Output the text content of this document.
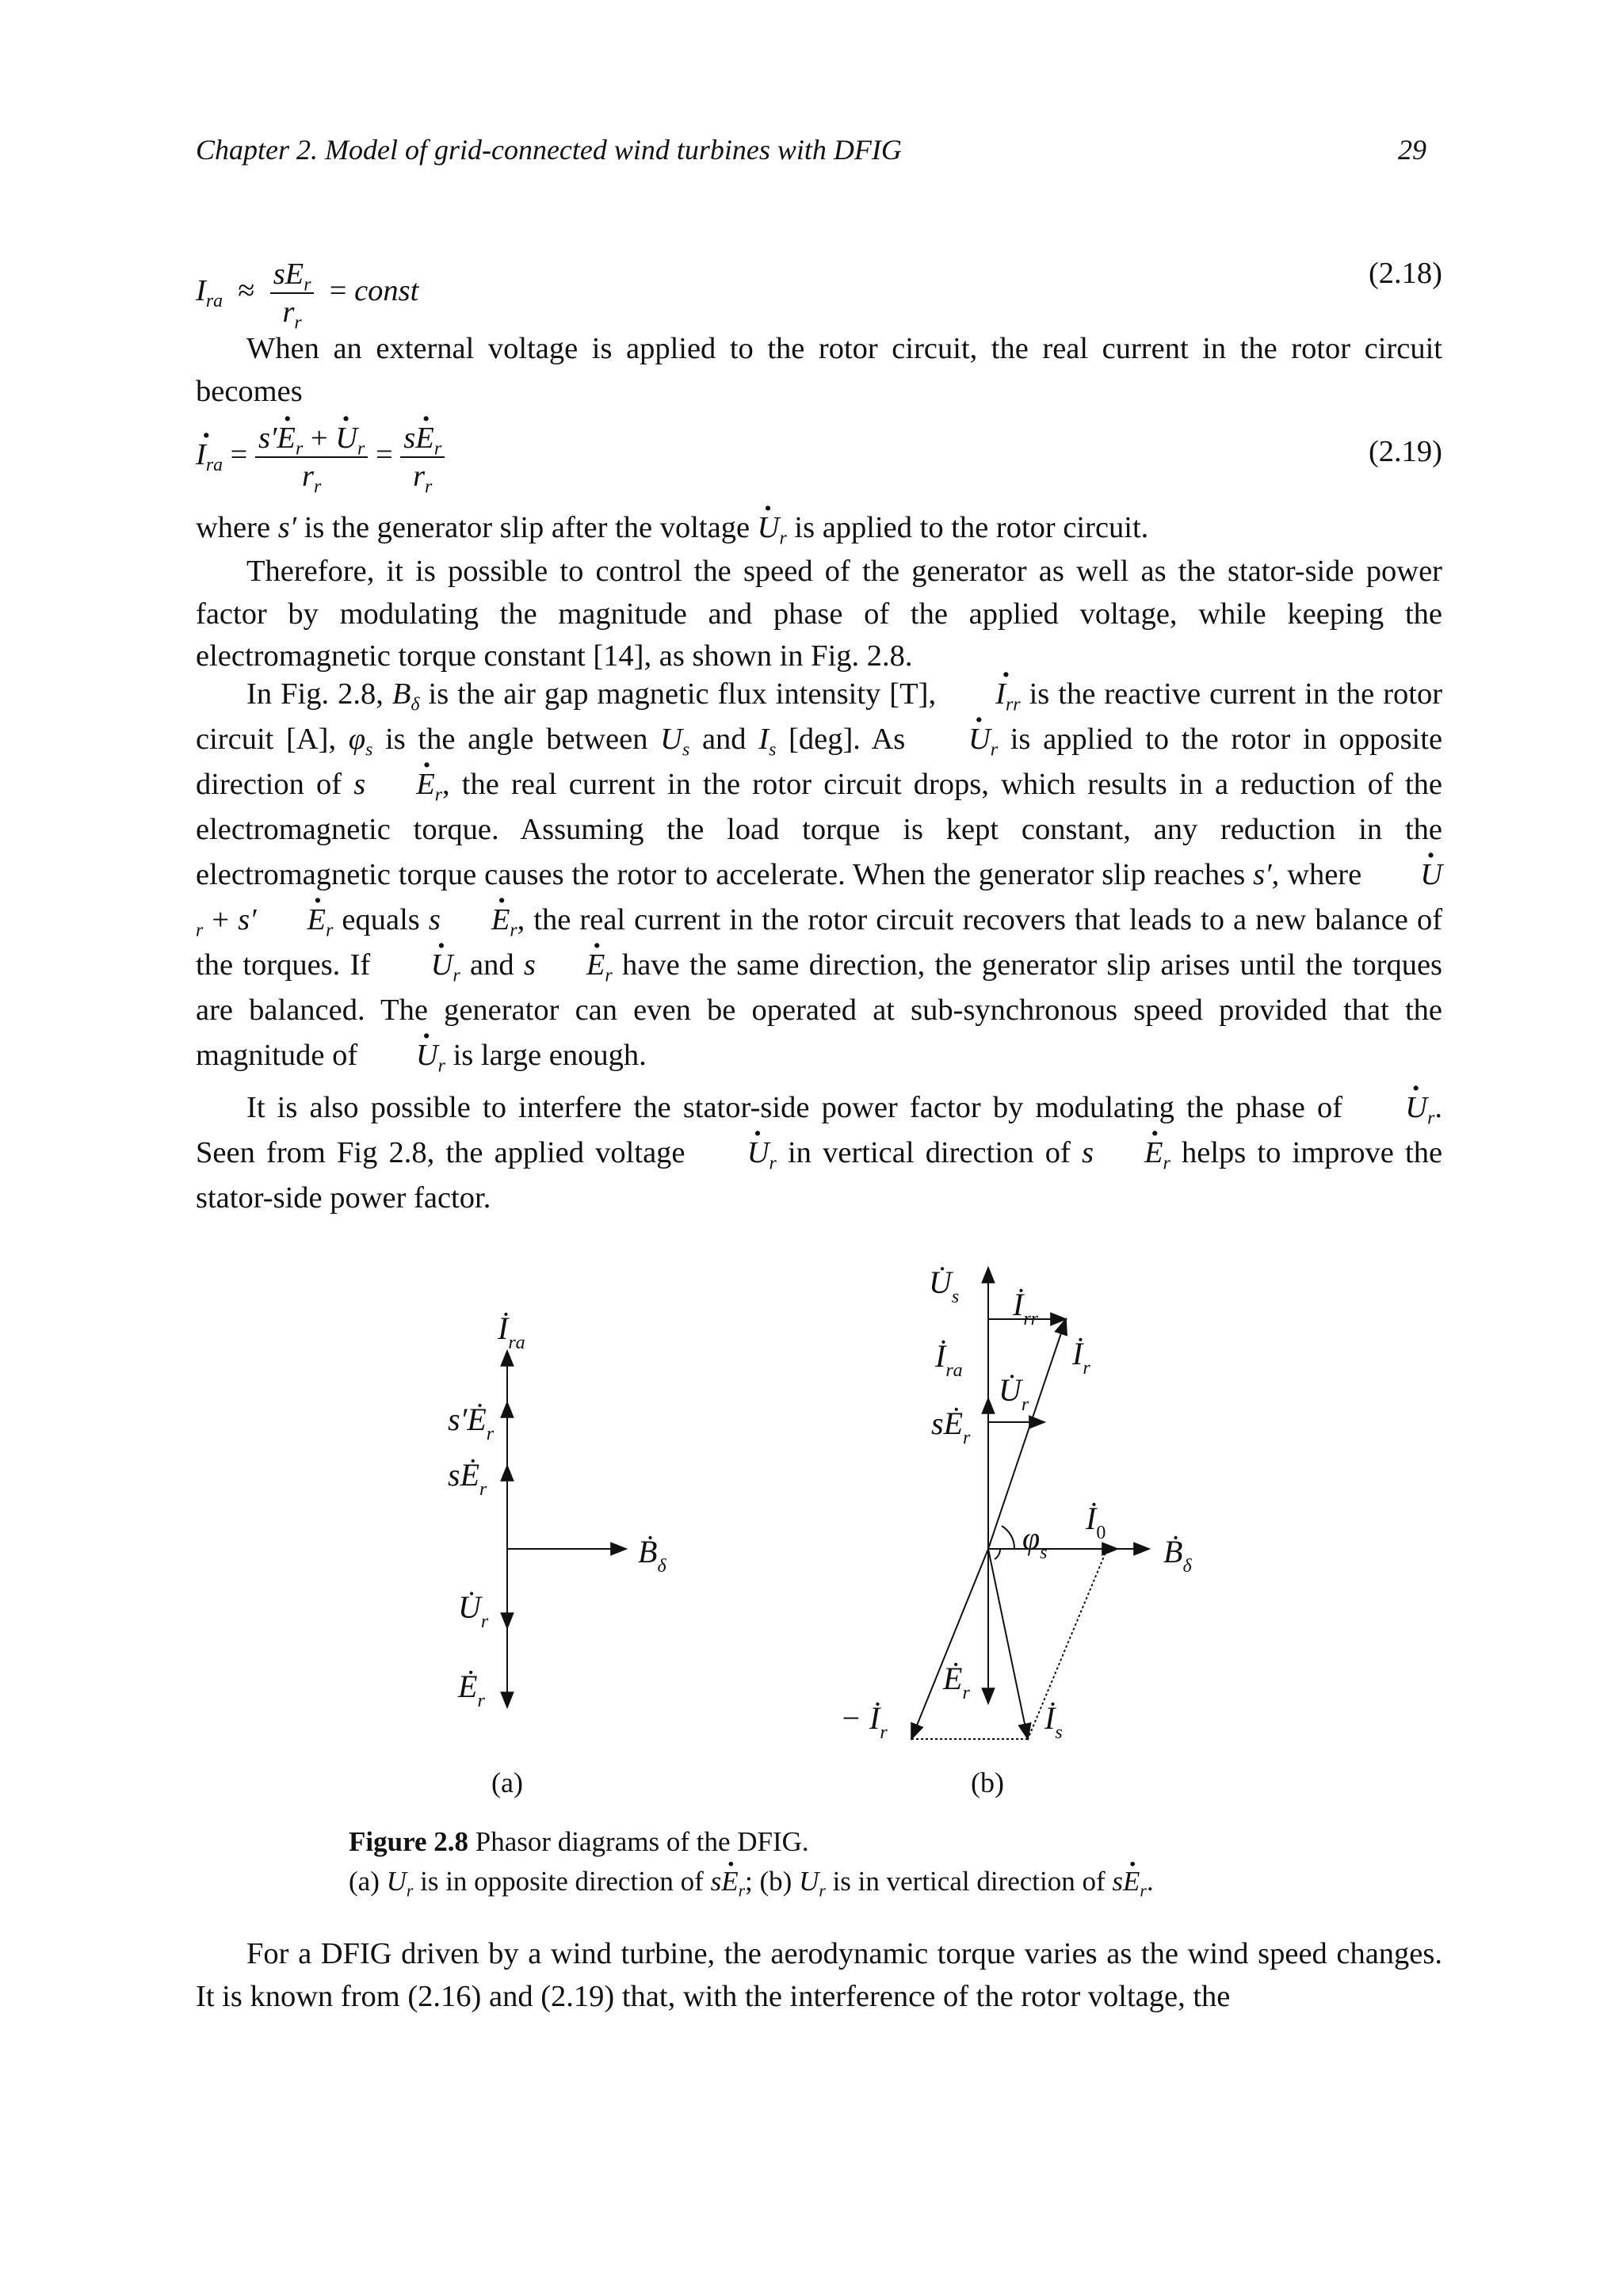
Chapter 2. Model of grid-connected wind turbines with DFIG	29
$I_{ra} \approx \frac{sE_r}{r_r}$ = const
(2.18)

When an external voltage is applied to the rotor circuit, the real current in the rotor circuit becomes

· $I_{ra} = \frac{s'\cdot E_r + \cdot U_r}{r_r} = \frac{s\cdot E_r}{r_r}$	(2.19)

where s′ is the generator slip after the voltage · $U_r$ is applied to the rotor circuit.

Therefore, it is possible to control the speed of the generator as well as the stator-side power factor by modulating the magnitude and phase of the applied voltage, while keeping the electromagnetic torque constant [14], as shown in Fig. 2.8.

In Fig. 2.8, $B_\delta$ is the air gap magnetic flux intensity [T], · $I_{rr}$ is the reactive current in the rotor circuit [A], $\varphi_s$ is the angle between $U_s$ and $I_s$ [deg]. $As \cdot U_r$ is applied to the rotor in opposite direction of $s \cdot E_r$, the real current in the rotor circuit drops, which results in a reduction of the electromagnetic torque. Assuming the load torque is kept constant, any reduction in the electromagnetic torque causes the rotor to accelerate. When the generator slip reaches s′, where · $U_r + s' \cdot E_r$ equals $s \cdot E_r$, the real current in the rotor circuit recovers that leads to a new balance of the torques. $If \cdot U_r$ and $s \cdot E_r$ have the same direction, the generator slip arises until the torques are balanced. The generator can even be operated at sub-synchronous speed provided that the magnitude of · $U_r$ is large enough.

It is also possible to interfere the stator-side power factor by modulating the phase of · $U_r$. Seen from Fig 2.8, the applied voltage · $U_r$ in vertical direction of $s \cdot E_r$ helps to improve the stator-side power factor.

$İ_{ra}$
$s'Ė_r$
$sĖ_r$
Ḃ$_\delta$
$U̇_r$
$Ė_r$
(a)
$U̇_s$ $İ_{rr}$
$İ_r$
$İ_{ra}$
$U̇_r$
$sĖ_r$
$\varphi_s$
$İ_0$
Ḃ$_\delta$
$Ė_r$
− $İ_r$	$İ_s$
(b)
Figure 2.8 Phasor diagrams of the DFIG.
(a) $U_r$ is in opposite direction of $s\cdot E_r$; (b) $U_r$ is in vertical direction of $s\cdot E_r$.

For a DFIG driven by a wind turbine, the aerodynamic torque varies as the wind speed changes. It is known from (2.16) and (2.19) that, with the interference of the rotor voltage, the
